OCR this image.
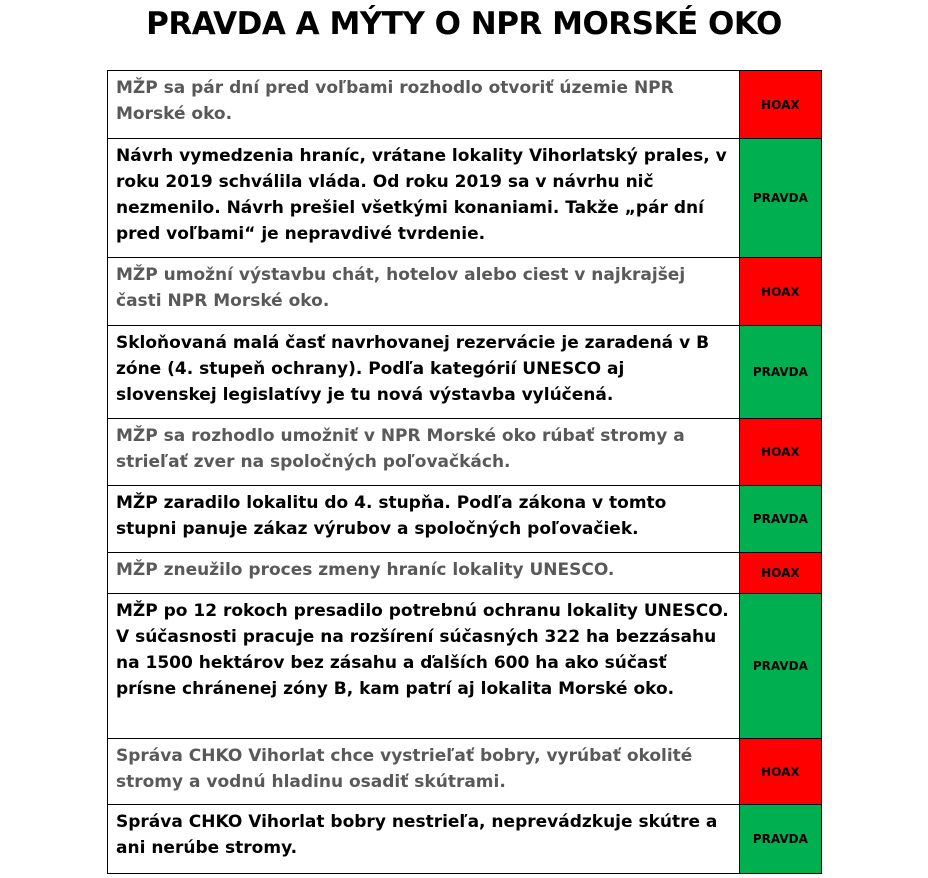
PRAVDA A MÝTY O NPR MORSKÉ OKO
MŽP sa pár dní pred voľbami rozhodlo otvoriť územie NPR Morské oko.	HOAX
Návrh vymedzenia hraníc, vrátane lokality Vihorlatský prales, v roku 2019 schválila vláda. Od roku 2019 sa v návrhu nič nezmenilo. Návrh prešiel všetkými konaniami. Takže „pár dní pred voľbami“ je nepravdivé tvrdenie.	PRAVDA
MŽP umožní výstavbu chát, hotelov alebo ciest v najkrajšej časti NPR Morské oko.	HOAX
Skloňovaná malá časť navrhovanej rezervácie je zaradená v B zóne (4. stupeň ochrany). Podľa kategórií UNESCO aj slovenskej legislatívy je tu nová výstavba vylúčená.	PRAVDA
MŽP sa rozhodlo umožniť v NPR Morské oko rúbať stromy a strieľať zver na spoločných poľovačkách.	HOAX
MŽP zaradilo lokalitu do 4. stupňa. Podľa zákona v tomto stupni panuje zákaz výrubov a spoločných poľovačiek.	PRAVDA
MŽP zneužilo proces zmeny hraníc lokality UNESCO.	HOAX
MŽP po 12 rokoch presadilo potrebnú ochranu lokality UNESCO. V súčasnosti pracuje na rozšírení súčasných 322 ha bezzásahu na 1500 hektárov bez zásahu a ďalších 600 ha ako súčasť prísne chránenej zóny B, kam patrí aj lokalita Morské oko.	PRAVDA
Správa CHKO Vihorlat chce vystrieľať bobry, vyrúbať okolité stromy a vodnú hladinu osadiť skútrami.	HOAX
Správa CHKO Vihorlat bobry nestrieľa, neprevádzkuje skútre a ani nerúbe stromy.	PRAVDA
